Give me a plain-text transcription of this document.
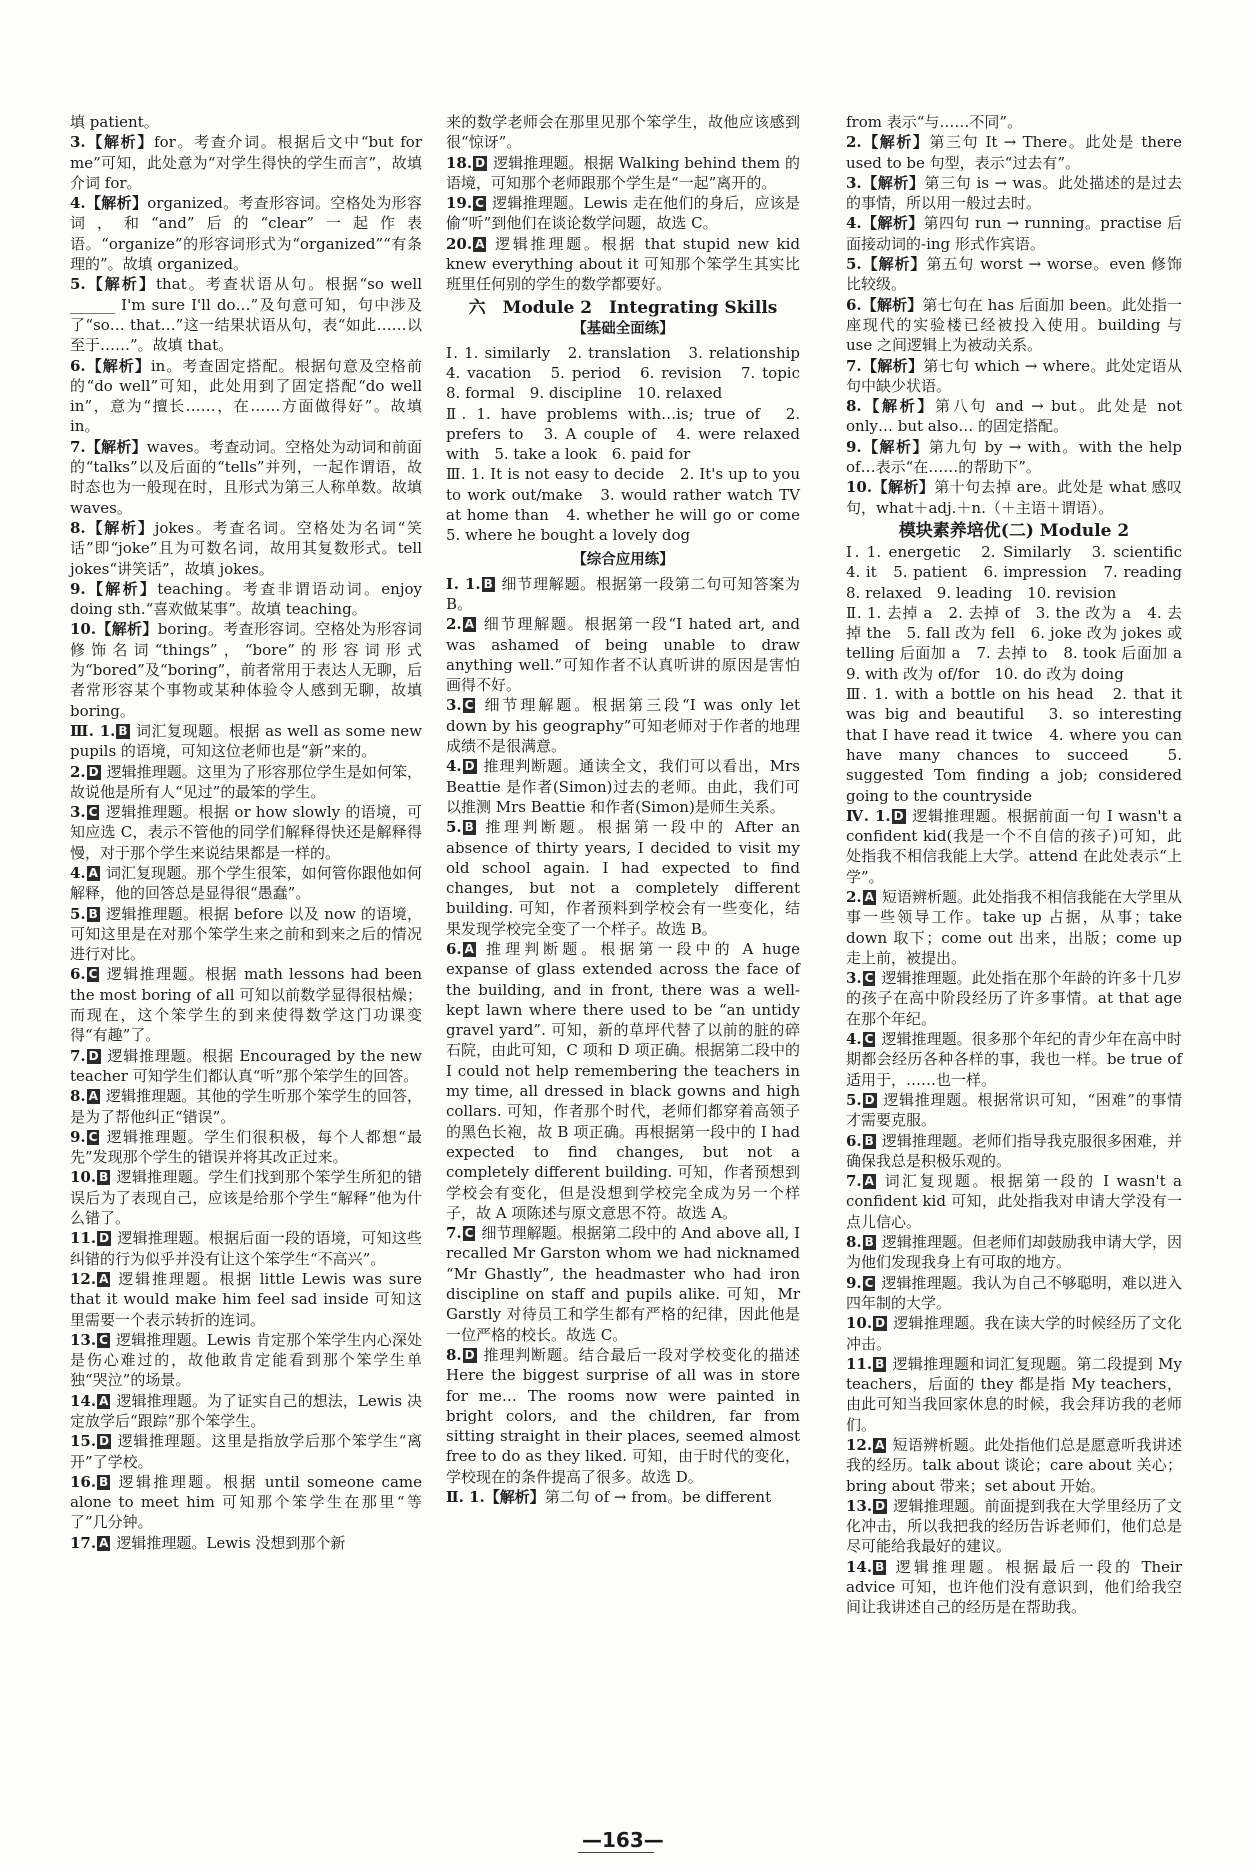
填 patient。

3.【解析】for。考查介词。根据后文中“but for me”可知，此处意为“对学生得快的学生而言”，故填介词 for。

4.【解析】organized。考查形容词。空格处为形容词，和“and”后的“clear”一起作表语。“organize”的形容词形式为“organized”“有条理的”。故填 organized。

5.【解析】that。考查状语从句。根据“so well ______ I'm sure I'll do…”及句意可知，句中涉及了“so… that…”这一结果状语从句，表“如此……以至于……”。故填 that。

6.【解析】in。考查固定搭配。根据句意及空格前的“do well”可知，此处用到了固定搭配“do well in”，意为“擅长……，在……方面做得好”。故填 in。

7.【解析】waves。考查动词。空格处为动词和前面的“talks”以及后面的“tells”并列，一起作谓语，故时态也为一般现在时，且形式为第三人称单数。故填 waves。

8.【解析】jokes。考查名词。空格处为名词“笑话”即“joke”且为可数名词，故用其复数形式。tell jokes“讲笑话”，故填 jokes。

9.【解析】teaching。考查非谓语动词。enjoy doing sth.“喜欢做某事”。故填 teaching。

10.【解析】boring。考查形容词。空格处为形容词修饰名词“things”，“bore”的形容词形式为“bored”及“boring”，前者常用于表达人无聊，后者常形容某个事物或某种体验令人感到无聊，故填 boring。

Ⅲ. 1. B 词汇复现题。根据 as well as some new pupils 的语境，可知这位老师也是“新”来的。

2. D 逻辑推理题。这里为了形容那位学生是如何笨，故说他是所有人“见过”的最笨的学生。

3. C 逻辑推理题。根据 or how slowly 的语境，可知应选 C，表示不管他的同学们解释得快还是解释得慢，对于那个学生来说结果都是一样的。

4. A 词汇复现题。那个学生很笨，如何管你跟他如何解释，他的回答总是显得很“愚蠢”。

5. B 逻辑推理题。根据 before 以及 now 的语境，可知这里是在对那个笨学生来之前和到来之后的情况进行对比。

6. C 逻辑推理题。根据 math lessons had been the most boring of all 可知以前数学显得很枯燥；而现在，这个笨学生的到来使得数学这门功课变得“有趣”了。

7. D 逻辑推理题。根据 Encouraged by the new teacher 可知学生们都认真“听”那个笨学生的回答。

8. A 逻辑推理题。其他的学生听那个笨学生的回答，是为了帮他纠正“错误”。

9. C 逻辑推理题。学生们很积极，每个人都想“最先”发现那个学生的错误并将其改正过来。

10. B 逻辑推理题。学生们找到那个笨学生所犯的错误后为了表现自己，应该是给那个学生“解释”他为什么错了。

11. D 逻辑推理题。根据后面一段的语境，可知这些纠错的行为似乎并没有让这个笨学生“不高兴”。

12. A 逻辑推理题。根据 little Lewis was sure that it would make him feel sad inside 可知这里需要一个表示转折的连词。

13. C 逻辑推理题。Lewis 肯定那个笨学生内心深处是伤心难过的，故他敢肯定能看到那个笨学生单独“哭泣”的场景。

14. A 逻辑推理题。为了证实自己的想法，Lewis 决定放学后“跟踪”那个笨学生。

15. D 逻辑推理题。这里是指放学后那个笨学生“离开”了学校。

16. B 逻辑推理题。根据 until someone came alone to meet him 可知那个笨学生在那里“等了”几分钟。

17. A 逻辑推理题。Lewis 没想到那个新

来的数学老师会在那里见那个笨学生，故他应该感到很“惊讶”。

18. D 逻辑推理题。根据 Walking behind them 的语境，可知那个老师跟那个学生是“一起”离开的。

19. C 逻辑推理题。Lewis 走在他们的身后，应该是偷“听”到他们在谈论数学问题，故选 C。

20. A 逻辑推理题。根据 that stupid new kid knew everything about it 可知那个笨学生其实比班里任何别的学生的数学都要好。

六　Module 2　Integrating Skills
【基础全面练】

Ⅰ. 1. similarly　2. translation　3. relationship　4. vacation　5. period　6. revision　7. topic　8. formal　9. discipline　10. relaxed

Ⅱ. 1. have problems with…is; true of　2. prefers to　3. A couple of　4. were relaxed with　5. take a look　6. paid for

Ⅲ. 1. It is not easy to decide　2. It's up to you to work out/make　3. would rather watch TV at home than　4. whether he will go or come　5. where he bought a lovely dog

【综合应用练】

Ⅰ. 1. B 细节理解题。根据第一段第二句可知答案为 B。

2. A 细节理解题。根据第一段“I hated art, and was ashamed of being unable to draw anything well.”可知作者不认真听讲的原因是害怕画得不好。

3. C 细节理解题。根据第三段“I was only let down by his geography”可知老师对于作者的地理成绩不是很满意。

4. D 推理判断题。通读全文，我们可以看出，Mrs Beattie 是作者(Simon)过去的老师。由此，我们可以推测 Mrs Beattie 和作者(Simon)是师生关系。

5. B 推理判断题。根据第一段中的 After an absence of thirty years, I decided to visit my old school again. I had expected to find changes, but not a completely different building. 可知，作者预料到学校会有一些变化，结果发现学校完全变了一个样子。故选 B。

6. A 推理判断题。根据第一段中的 A huge expanse of glass extended across the face of the building, and in front, there was a well-kept lawn where there used to be “an untidy gravel yard”. 可知，新的草坪代替了以前的脏的碎石院，由此可知，C 项和 D 项正确。根据第二段中的 I could not help remembering the teachers in my time, all dressed in black gowns and high collars. 可知，作者那个时代，老师们都穿着高领子的黑色长袍，故 B 项正确。再根据第一段中的 I had expected to find changes, but not a completely different building. 可知，作者预想到学校会有变化，但是没想到学校完全成为另一个样子，故 A 项陈述与原文意思不符。故选 A。

7. C 细节理解题。根据第二段中的 And above all, I recalled Mr Garston whom we had nicknamed “Mr Ghastly”, the headmaster who had iron discipline on staff and pupils alike. 可知，Mr Garstly 对待员工和学生都有严格的纪律，因此他是一位严格的校长。故选 C。

8. D 推理判断题。结合最后一段对学校变化的描述 Here the biggest surprise of all was in store for me… The rooms now were painted in bright colors, and the children, far from sitting straight in their places, seemed almost free to do as they liked. 可知，由于时代的变化，学校现在的条件提高了很多。故选 D。

Ⅱ. 1.【解析】第二句 of → from。be different

from 表示“与……不同”。

2.【解析】第三句 It → There。此处是 there used to be 句型，表示“过去有”。

3.【解析】第三句 is → was。此处描述的是过去的事情，所以用一般过去时。

4.【解析】第四句 run → running。practise 后面接动词的-ing 形式作宾语。

5.【解析】第五句 worst → worse。even 修饰比较级。

6.【解析】第七句在 has 后面加 been。此处指一座现代的实验楼已经被投入使用。building 与 use 之间逻辑上为被动关系。

7.【解析】第七句 which → where。此处定语从句中缺少状语。

8.【解析】第八句 and → but。此处是 not only… but also… 的固定搭配。

9.【解析】第九句 by → with。with the help of…表示“在……的帮助下”。

10.【解析】第十句去掉 are。此处是 what 感叹句，what＋adj.＋n.（＋主语＋谓语）。

模块素养培优(二) Module 2

Ⅰ. 1. energetic　2. Similarly　3. scientific　4. it　5. patient　6. impression　7. reading　8. relaxed　9. leading　10. revision

Ⅱ. 1. 去掉 a　2. 去掉 of　3. the 改为 a　4. 去掉 the　5. fall 改为 fell　6. joke 改为 jokes 或 telling 后面加 a　7. 去掉 to　8. took 后面加 a　9. with 改为 of/for　10. do 改为 doing

Ⅲ. 1. with a bottle on his head　2. that it was big and beautiful　3. so interesting that I have read it twice　4. where you can have many chances to succeed　5. suggested Tom finding a job; considered going to the countryside

Ⅳ. 1. D 逻辑推理题。根据前面一句 I wasn't a confident kid(我是一个不自信的孩子)可知，此处指我不相信我能上大学。attend 在此处表示“上学”。

2. A 短语辨析题。此处指我不相信我能在大学里从事一些领导工作。take up 占据，从事；take down 取下；come out 出来，出版；come up 走上前，被提出。

3. C 逻辑推理题。此处指在那个年龄的许多十几岁的孩子在高中阶段经历了许多事情。at that age 在那个年纪。

4. C 逻辑推理题。很多那个年纪的青少年在高中时期都会经历各种各样的事，我也一样。be true of 适用于，……也一样。

5. D 逻辑推理题。根据常识可知，“困难”的事情才需要克服。

6. B 逻辑推理题。老师们指导我克服很多困难，并确保我总是积极乐观的。

7. A 词汇复现题。根据第一段的 I wasn't a confident kid 可知，此处指我对申请大学没有一点儿信心。

8. B 逻辑推理题。但老师们却鼓励我申请大学，因为他们发现我身上有可取的地方。

9. C 逻辑推理题。我认为自己不够聪明，难以进入四年制的大学。

10. D 逻辑推理题。我在读大学的时候经历了文化冲击。

11. B 逻辑推理题和词汇复现题。第二段提到 My teachers，后面的 they 都是指 My teachers，由此可知当我回家休息的时候，我会拜访我的老师们。

12. A 短语辨析题。此处指他们总是愿意听我讲述我的经历。talk about 谈论；care about 关心；bring about 带来；set about 开始。

13. D 逻辑推理题。前面提到我在大学里经历了文化冲击，所以我把我的经历告诉老师们，他们总是尽可能给我最好的建议。

14. B 逻辑推理题。根据最后一段的 Their advice 可知，也许他们没有意识到，他们给我空间让我讲述自己的经历是在帮助我。

—163—
